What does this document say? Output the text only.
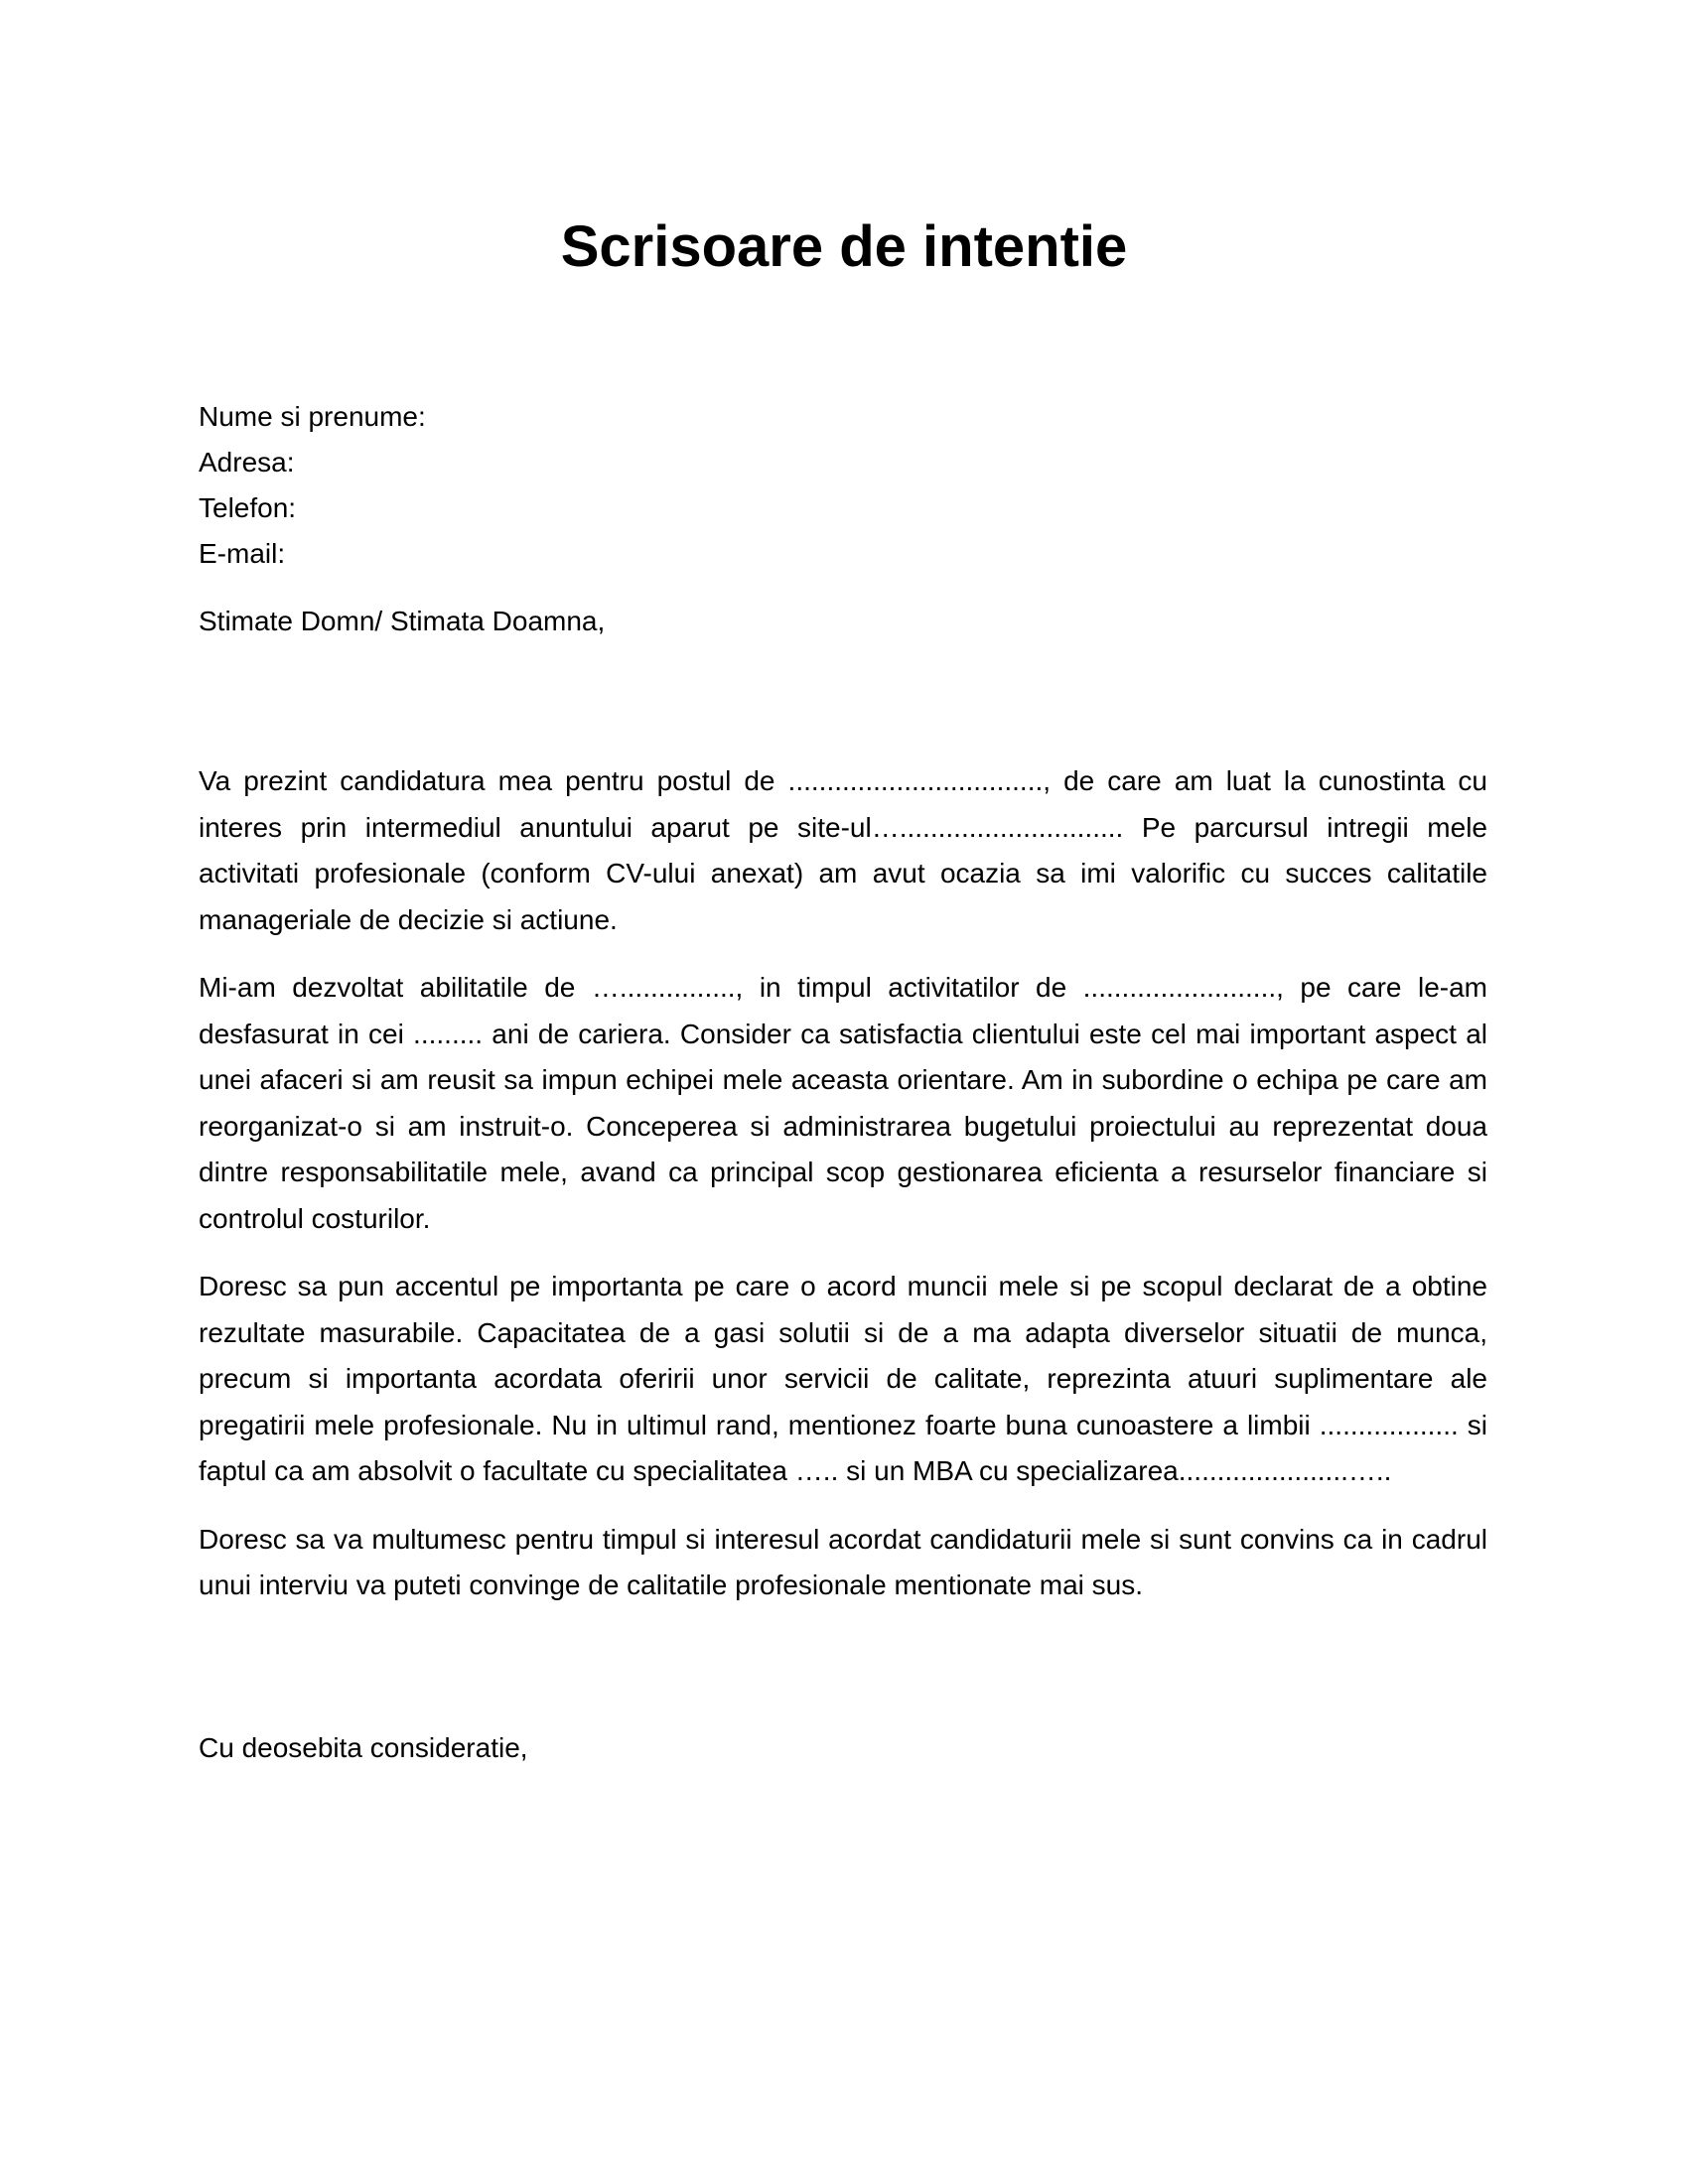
Scrisoare de intentie

Nume si prenume:

Adresa:

Telefon:

E-mail:

Stimate Domn/ Stimata Doamna,

Va prezint candidatura mea pentru postul de ................................., de care am luat la cunostinta cu interes prin intermediul anuntului aparut pe site-ul…............................. Pe parcursul intregii mele activitati profesionale (conform CV-ului anexat) am avut ocazia sa imi valorific cu succes calitatile manageriale de decizie si actiune.

Mi-am dezvoltat abilitatile de …..............., in timpul activitatilor de ........................., pe care le-am desfasurat in cei ......... ani de cariera. Consider ca satisfactia clientului este cel mai important aspect al unei afaceri si am reusit sa impun echipei mele aceasta orientare. Am in subordine o echipa pe care am reorganizat-o si am instruit-o. Conceperea si administrarea bugetului proiectului au reprezentat doua dintre responsabilitatile mele, avand ca principal scop gestionarea eficienta a resurselor financiare si controlul costurilor.

Doresc sa pun accentul pe importanta pe care o acord muncii mele si pe scopul declarat de a obtine rezultate masurabile. Capacitatea de a gasi solutii si de a ma adapta diverselor situatii de munca, precum si importanta acordata oferirii unor servicii de calitate, reprezinta atuuri suplimentare ale pregatirii mele profesionale. Nu in ultimul rand, mentionez foarte buna cunoastere a limbii .................. si faptul ca am absolvit o facultate cu specialitatea ….. si un MBA cu specializarea......................…..

Doresc sa va multumesc pentru timpul si interesul acordat candidaturii mele si sunt convins ca in cadrul unui interviu va puteti convinge de calitatile profesionale mentionate mai sus.

Cu deosebita consideratie,
